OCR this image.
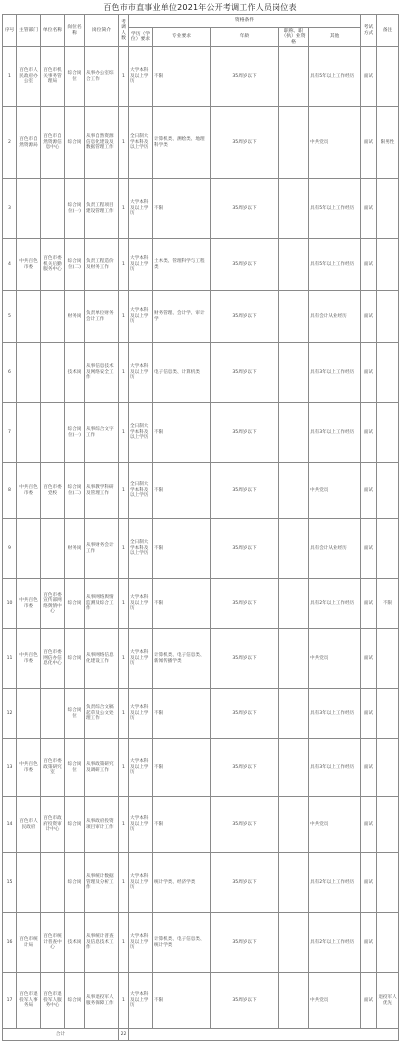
百色市市直事业单位2021年公开考调工作人员岗位表
序号	主管部门	单位名称	岗位名称	岗位简介	考调人数	资格条件					考试方式	备注
						学历（学位）要求	专业要求	年龄	职称、职（执）业资格	其他		
1	百色市人民政府办公室	百色市机关事务管理局	综合岗位	从事办公室综合工作	1	大学本科及以上学历	不限	35周岁以下		具有5年以上工作经历	面试	
2	百色市自然资源局	百色市自然资源信息中心	综合岗	从事自然资源信息化建设及数据管理工作	1	全日制大学本科及以上学历	计算机类、测绘类、地理科学类	35周岁以下		中共党员	面试	限男性
3			综合岗位(一)	负责工程项目建设管理工作	1	大学本科及以上学历	不限	35周岁以下		具有5年以上工作经历	面试	
4	中共百色市委	百色市委机关后勤服务中心	综合岗位(二)	负责工程造价及财务工作	1	大学本科及以上学历	土木类、管理科学与工程类	35周岁以下		具有5年以上工作经历	面试	
5			财务岗	负责单位财务会计工作	1	大学本科及以上学历	财务管理、会计学、审计学	35周岁以下		具有会计从业经历	面试	
6			技术岗	从事信息技术及网络安全工作	1	大学本科及以上学历	电子信息类、计算机类	35周岁以下		具有3年以上工作经历	面试	
7			综合岗位(一)	从事综合文字工作	1	全日制大学本科及以上学历	不限	35周岁以下		具有3年以上工作经历	面试	
8	中共百色市委	百色市委党校	综合岗位(二)	从事教学科研及管理工作	1	全日制大学本科及以上学历	不限	35周岁以下		中共党员	面试	
9			财务岗	从事财务会计工作	1	全日制大学本科及以上学历	不限	35周岁以下		具有会计从业经历	面试	
10	中共百色市委	百色市委宣传部网络舆情中心	综合岗	从事网络舆情监测及综合工作	1	大学本科及以上学历	不限	35周岁以下		具有2年以上工作经历	面试	不限
11	中共百色市委	百色市委网信办信息化中心	综合岗	从事网络信息化建设工作	1	大学本科及以上学历	计算机类、电子信息类、新闻传播学类	35周岁以下		中共党员	面试	
12			综合岗位	负责综合文稿起草及公文处理工作	1	大学本科及以上学历	不限	35周岁以下		具有3年以上工作经历	面试	
13	中共百色市委	百色市委政策研究室	综合岗位	从事政策研究及调研工作	1	大学本科及以上学历	不限	35周岁以下		具有3年以上工作经历	面试	
14	百色市人民政府	百色市政府投资审计中心	综合岗	从事政府投资项目审计工作	1	大学本科及以上学历	不限	35周岁以下		中共党员	面试	
15			综合岗	从事统计数据管理及分析工作	1	大学本科及以上学历	统计学类、经济学类	35周岁以下		具有2年以上工作经历	面试	
16	百色市统计局	百色市统计普查中心	技术岗	从事统计普查及信息技术工作	1	大学本科及以上学历	计算机类、电子信息类、统计学类	35周岁以下		具有2年以上工作经历	面试	
17	百色市退役军人事务局	百色市退役军人服务中心	综合岗	从事退役军人服务保障工作	1	大学本科及以上学历	不限	35周岁以下		中共党员	面试	退役军人优先
合计					22							
